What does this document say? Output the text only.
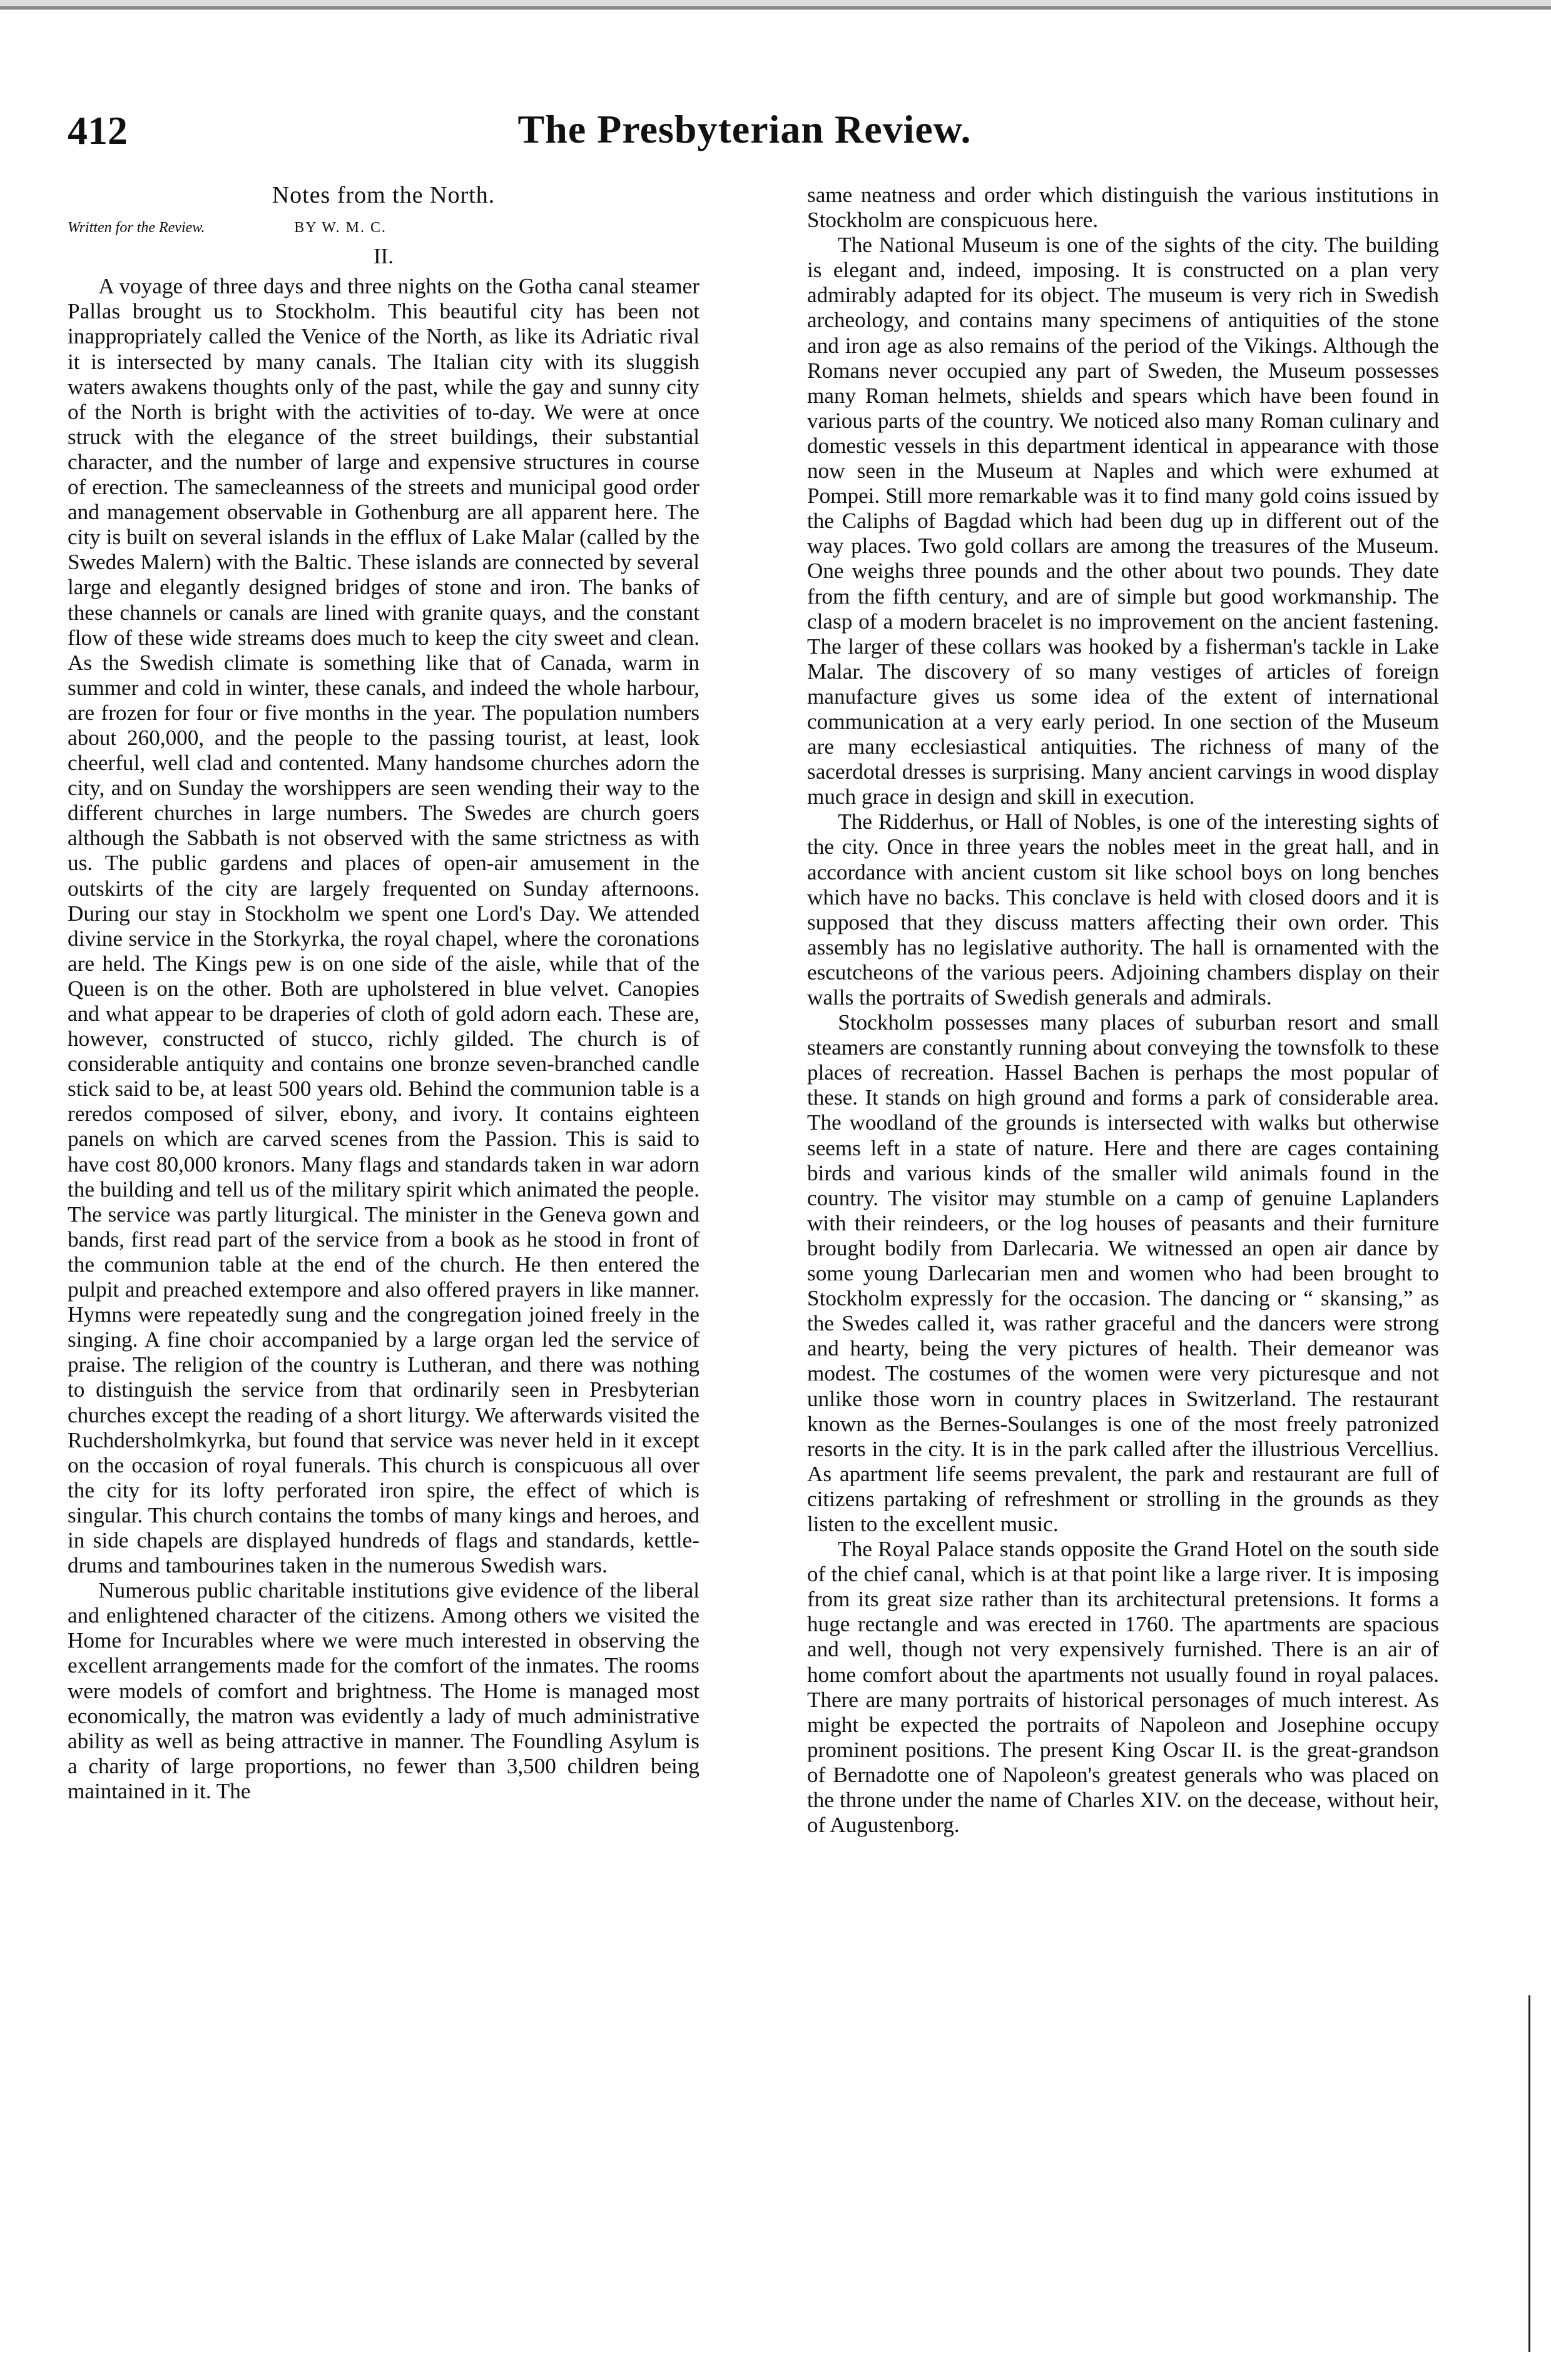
412	The Presbyterian Review.
Notes from the North.
Written for the Review.	BY W. M. C.
II.

A voyage of three days and three nights on the Gotha canal steamer Pallas brought us to Stockholm. This beautiful city has been not inappropriately called the Venice of the North, as like its Adriatic rival it is intersected by many canals. The Italian city with its sluggish waters awakens thoughts only of the past, while the gay and sunny city of the North is bright with the activities of to-day. We were at once struck with the elegance of the street buildings, their substantial character, and the number of large and expensive structures in course of erection. The samecleanness of the streets and municipal good order and management observable in Gothenburg are all apparent here. The city is built on several islands in the efflux of Lake Malar (called by the Swedes Malern) with the Baltic. These islands are connected by several large and elegantly designed bridges of stone and iron. The banks of these channels or canals are lined with granite quays, and the constant flow of these wide streams does much to keep the city sweet and clean. As the Swedish climate is something like that of Canada, warm in summer and cold in winter, these canals, and indeed the whole harbour, are frozen for four or five months in the year. The population numbers about 260,000, and the people to the passing tourist, at least, look cheerful, well clad and contented. Many handsome churches adorn the city, and on Sunday the worshippers are seen wending their way to the different churches in large numbers. The Swedes are church goers although the Sabbath is not observed with the same strictness as with us. The public gardens and places of open-air amusement in the outskirts of the city are largely frequented on Sunday afternoons. During our stay in Stockholm we spent one Lord's Day. We attended divine service in the Storkyrka, the royal chapel, where the coronations are held. The Kings pew is on one side of the aisle, while that of the Queen is on the other. Both are upholstered in blue velvet. Canopies and what appear to be draperies of cloth of gold adorn each. These are, however, constructed of stucco, richly gilded. The church is of considerable antiquity and contains one bronze seven-branched candle stick said to be, at least 500 years old. Behind the communion table is a reredos composed of silver, ebony, and ivory. It contains eighteen panels on which are carved scenes from the Passion. This is said to have cost 80,000 kronors. Many flags and standards taken in war adorn the building and tell us of the military spirit which animated the people. The service was partly liturgical. The minister in the Geneva gown and bands, first read part of the service from a book as he stood in front of the communion table at the end of the church. He then entered the pulpit and preached extempore and also offered prayers in like manner. Hymns were repeatedly sung and the congregation joined freely in the singing. A fine choir accompanied by a large organ led the service of praise. The religion of the country is Lutheran, and there was nothing to distinguish the service from that ordinarily seen in Presbyterian churches except the reading of a short liturgy. We afterwards visited the Ruchdersholmkyrka, but found that service was never held in it except on the occasion of royal funerals. This church is conspicuous all over the city for its lofty perforated iron spire, the effect of which is singular. This church contains the tombs of many kings and heroes, and in side chapels are displayed hundreds of flags and standards, kettle-drums and tambourines taken in the numerous Swedish wars.

Numerous public charitable institutions give evidence of the liberal and enlightened character of the citizens. Among others we visited the Home for Incurables where we were much interested in observing the excellent arrangements made for the comfort of the inmates. The rooms were models of comfort and brightness. The Home is managed most economically, the matron was evidently a lady of much administrative ability as well as being attractive in manner. The Foundling Asylum is a charity of large proportions, no fewer than 3,500 children being maintained in it. The

same neatness and order which distinguish the various institutions in Stockholm are conspicuous here.

The National Museum is one of the sights of the city. The building is elegant and, indeed, imposing. It is constructed on a plan very admirably adapted for its object. The museum is very rich in Swedish archeology, and contains many specimens of antiquities of the stone and iron age as also remains of the period of the Vikings. Although the Romans never occupied any part of Sweden, the Museum possesses many Roman helmets, shields and spears which have been found in various parts of the country. We noticed also many Roman culinary and domestic vessels in this department identical in appearance with those now seen in the Museum at Naples and which were exhumed at Pompei. Still more remarkable was it to find many gold coins issued by the Caliphs of Bagdad which had been dug up in different out of the way places. Two gold collars are among the treasures of the Museum. One weighs three pounds and the other about two pounds. They date from the fifth century, and are of simple but good workmanship. The clasp of a modern bracelet is no improvement on the ancient fastening. The larger of these collars was hooked by a fisherman's tackle in Lake Malar. The discovery of so many vestiges of articles of foreign manufacture gives us some idea of the extent of international communication at a very early period. In one section of the Museum are many ecclesiastical antiquities. The richness of many of the sacerdotal dresses is surprising. Many ancient carvings in wood display much grace in design and skill in execution.

The Ridderhus, or Hall of Nobles, is one of the interesting sights of the city. Once in three years the nobles meet in the great hall, and in accordance with ancient custom sit like school boys on long benches which have no backs. This conclave is held with closed doors and it is supposed that they discuss matters affecting their own order. This assembly has no legislative authority. The hall is ornamented with the escutcheons of the various peers. Adjoining chambers display on their walls the portraits of Swedish generals and admirals.

Stockholm possesses many places of suburban resort and small steamers are constantly running about conveying the townsfolk to these places of recreation. Hassel Bachen is perhaps the most popular of these. It stands on high ground and forms a park of considerable area. The woodland of the grounds is intersected with walks but otherwise seems left in a state of nature. Here and there are cages containing birds and various kinds of the smaller wild animals found in the country. The visitor may stumble on a camp of genuine Laplanders with their reindeers, or the log houses of peasants and their furniture brought bodily from Darlecaria. We witnessed an open air dance by some young Darlecarian men and women who had been brought to Stockholm expressly for the occasion. The dancing or “ skansing,” as the Swedes called it, was rather graceful and the dancers were strong and hearty, being the very pictures of health. Their demeanor was modest. The costumes of the women were very picturesque and not unlike those worn in country places in Switzerland. The restaurant known as the Bernes-Soulanges is one of the most freely patronized resorts in the city. It is in the park called after the illustrious Vercellius. As apartment life seems prevalent, the park and restaurant are full of citizens partaking of refreshment or strolling in the grounds as they listen to the excellent music.

The Royal Palace stands opposite the Grand Hotel on the south side of the chief canal, which is at that point like a large river. It is imposing from its great size rather than its architectural pretensions. It forms a huge rectangle and was erected in 1760. The apartments are spacious and well, though not very expensively furnished. There is an air of home comfort about the apartments not usually found in royal palaces. There are many portraits of historical personages of much interest. As might be expected the portraits of Napoleon and Josephine occupy prominent positions. The present King Oscar II. is the great-grandson of Bernadotte one of Napoleon's greatest generals who was placed on the throne under the name of Charles XIV. on the decease, without heir, of Augustenborg.
